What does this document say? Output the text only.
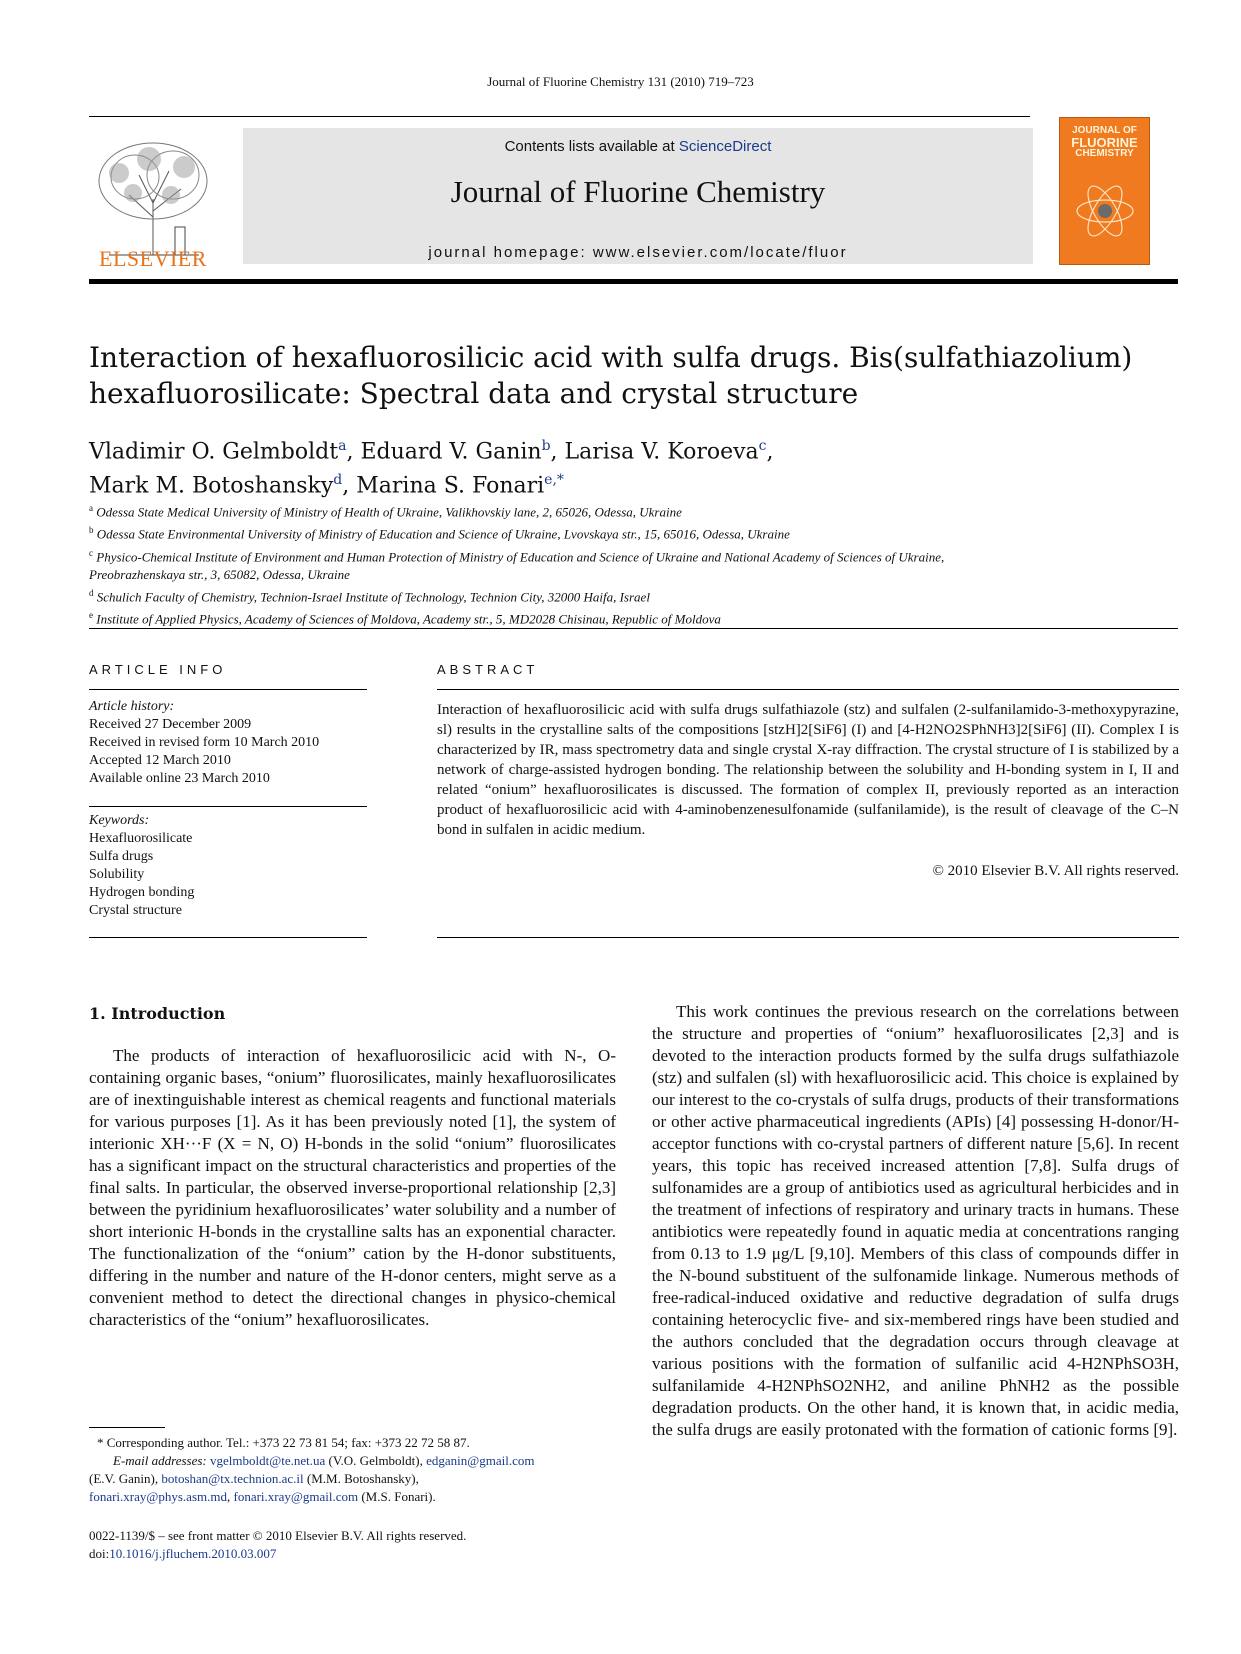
Journal of Fluorine Chemistry 131 (2010) 719–723
ELSEVIER
Contents lists available at ScienceDirect
Journal of Fluorine Chemistry
journal homepage: www.elsevier.com/locate/fluor
JOURNAL OF
FLUORINE
CHEMISTRY
Interaction of hexafluorosilicic acid with sulfa drugs. Bis(sulfathiazolium)
hexafluorosilicate: Spectral data and crystal structure
Vladimir O. Gelmboldt$^a$, Eduard V. Ganin$^b$, Larisa V. Koroeva$^c$,
Mark M. Botoshansky$^d$, Marina S. Fonari$^{e,*}$
$^a$ Odessa State Medical University of Ministry of Health of Ukraine, Valikhovskiy lane, 2, 65026, Odessa, Ukraine
$^b$ Odessa State Environmental University of Ministry of Education and Science of Ukraine, Lvovskaya str., 15, 65016, Odessa, Ukraine
$^c$ Physico-Chemical Institute of Environment and Human Protection of Ministry of Education and Science of Ukraine and National Academy of Sciences of Ukraine,
Preobrazhenskaya str., 3, 65082, Odessa, Ukraine
$^d$ Schulich Faculty of Chemistry, Technion-Israel Institute of Technology, Technion City, 32000 Haifa, Israel
$^e$ Institute of Applied Physics, Academy of Sciences of Moldova, Academy str., 5, MD2028 Chisinau, Republic of Moldova
ARTICLE INFO	ABSTRACT
Article history:
Received 27 December 2009
Received in revised form 10 March 2010
Accepted 12 March 2010
Available online 23 March 2010
Keywords:
Hexafluorosilicate
Sulfa drugs
Solubility
Hydrogen bonding
Crystal structure
Interaction of hexafluorosilicic acid with sulfa drugs sulfathiazole (stz) and sulfalen (2-sulfanilamido-3-methoxypyrazine, sl) results in the crystalline salts of the compositions [stzH]2[SiF6] (I) and [4-H2NO2SPhNH3]2[SiF6] (II). Complex I is characterized by IR, mass spectrometry data and single crystal X-ray diffraction. The crystal structure of I is stabilized by a network of charge-assisted hydrogen bonding. The relationship between the solubility and H-bonding system in I, II and related “onium” hexafluorosilicates is discussed. The formation of complex II, previously reported as an interaction product of hexafluorosilicic acid with 4-aminobenzenesulfonamide (sulfanilamide), is the result of cleavage of the C–N bond in sulfalen in acidic medium.
© 2010 Elsevier B.V. All rights reserved.
1. Introduction

The products of interaction of hexafluorosilicic acid with N-, O-containing organic bases, “onium” fluorosilicates, mainly hexafluorosilicates are of inextinguishable interest as chemical reagents and functional materials for various purposes [1]. As it has been previously noted [1], the system of interionic XH···F (X = N, O) H-bonds in the solid “onium” fluorosilicates has a significant impact on the structural characteristics and properties of the final salts. In particular, the observed inverse-proportional relationship [2,3] between the pyridinium hexafluorosilicates’ water solubility and a number of short interionic H-bonds in the crystalline salts has an exponential character. The functionalization of the “onium” cation by the H-donor substituents, differing in the number and nature of the H-donor centers, might serve as a convenient method to detect the directional changes in physico-chemical characteristics of the “onium” hexafluorosilicates.

This work continues the previous research on the correlations between the structure and properties of “onium” hexafluorosilicates [2,3] and is devoted to the interaction products formed by the sulfa drugs sulfathiazole (stz) and sulfalen (sl) with hexafluorosilicic acid. This choice is explained by our interest to the co-crystals of sulfa drugs, products of their transformations or other active pharmaceutical ingredients (APIs) [4] possessing H-donor/H-acceptor functions with co-crystal partners of different nature [5,6]. In recent years, this topic has received increased attention [7,8]. Sulfa drugs of sulfonamides are a group of antibiotics used as agricultural herbicides and in the treatment of infections of respiratory and urinary tracts in humans. These antibiotics were repeatedly found in aquatic media at concentrations ranging from 0.13 to 1.9 μg/L [9,10]. Members of this class of compounds differ in the N-bound substituent of the sulfonamide linkage. Numerous methods of free-radical-induced oxidative and reductive degradation of sulfa drugs containing heterocyclic five- and six-membered rings have been studied and the authors concluded that the degradation occurs through cleavage at various positions with the formation of sulfanilic acid 4-H2NPhSO3H, sulfanilamide 4-H2NPhSO2NH2, and aniline PhNH2 as the possible degradation products. On the other hand, it is known that, in acidic media, the sulfa drugs are easily protonated with the formation of cationic forms [9].

* Corresponding author. Tel.: +373 22 73 81 54; fax: +373 22 72 58 87.
E-mail addresses: vgelmboldt@te.net.ua (V.O. Gelmboldt), edganin@gmail.com
(E.V. Ganin), botoshan@tx.technion.ac.il (M.M. Botoshansky),
fonari.xray@phys.asm.md, fonari.xray@gmail.com (M.S. Fonari).
0022-1139/$ – see front matter © 2010 Elsevier B.V. All rights reserved.
doi:10.1016/j.jfluchem.2010.03.007
